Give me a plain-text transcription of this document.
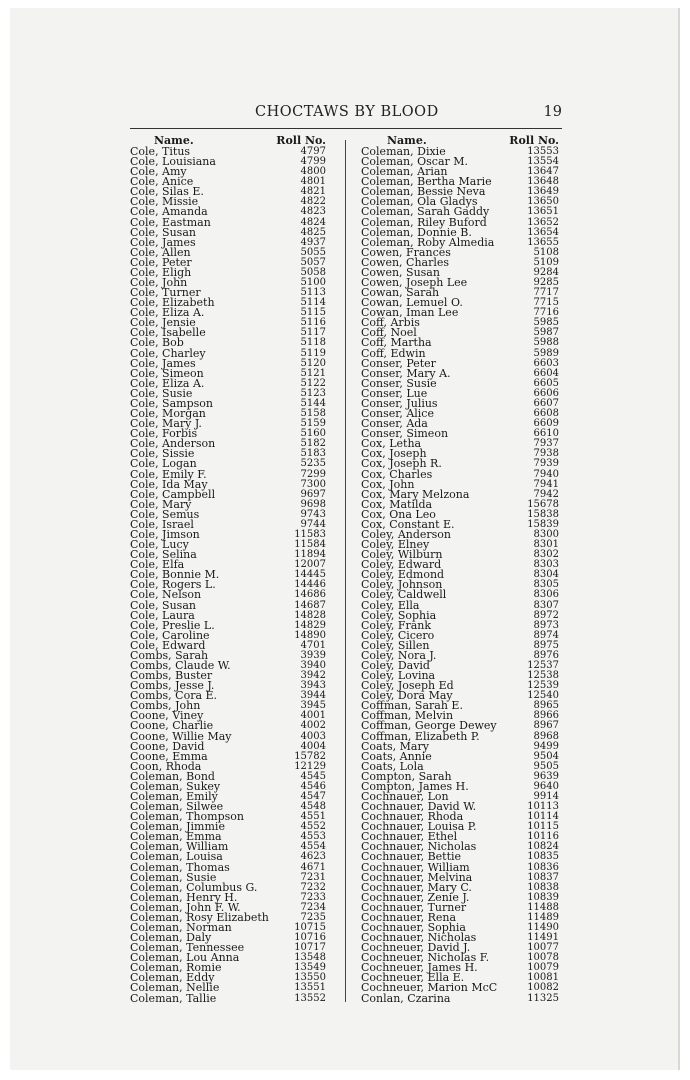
CHOCTAWS BY BLOOD	19
Name.	Roll No.
Cole, Titus	4797
Cole, Louisiana	4799
Cole, Amy	4800
Cole, Anice	4801
Cole, Silas E.	4821
Cole, Missie	4822
Cole, Amanda	4823
Cole, Eastman	4824
Cole, Susan	4825
Cole, James	4937
Cole, Allen	5055
Cole, Peter	5057
Cole, Eligh	5058
Cole, John	5100
Cole, Turner	5113
Cole, Elizabeth	5114
Cole, Eliza A.	5115
Cole, Jensie	5116
Cole, Isabelle	5117
Cole, Bob	5118
Cole, Charley	5119
Cole, James	5120
Cole, Simeon	5121
Cole, Eliza A.	5122
Cole, Susie	5123
Cole, Sampson	5144
Cole, Morgan	5158
Cole, Mary J.	5159
Cole, Forbis	5160
Cole, Anderson	5182
Cole, Sissie	5183
Cole, Logan	5235
Cole, Emily F.	7299
Cole, Ida May	7300
Cole, Campbell	9697
Cole, Mary	9698
Cole, Semus	9743
Cole, Israel	9744
Cole, Jimson	11583
Cole, Lucy	11584
Cole, Selina	11894
Cole, Elfa	12007
Cole, Bonnie M.	14445
Cole, Rogers L.	14446
Cole, Nelson	14686
Cole, Susan	14687
Cole, Laura	14828
Cole, Preslie L.	14829
Cole, Caroline	14890
Cole, Edward	4701
Combs, Sarah	3939
Combs, Claude W.	3940
Combs, Buster	3942
Combs, Jesse J.	3943
Combs, Cora E.	3944
Combs, John	3945
Coone, Viney	4001
Coone, Charlie	4002
Coone, Willie May	4003
Coone, David	4004
Coone, Emma	15782
Coon, Rhoda	12129
Coleman, Bond	4545
Coleman, Sukey	4546
Coleman, Emily	4547
Coleman, Silwee	4548
Coleman, Thompson	4551
Coleman, Jimmie	4552
Coleman, Emma	4553
Coleman, William	4554
Coleman, Louisa	4623
Coleman, Thomas	4671
Coleman, Susie	7231
Coleman, Columbus G.	7232
Coleman, Henry H.	7233
Coleman, John F. W.	7234
Coleman, Rosy Elizabeth	7235
Coleman, Norman	10715
Coleman, Daly	10716
Coleman, Tennessee	10717
Coleman, Lou Anna	13548
Coleman, Romie	13549
Coleman, Eddy	13550
Coleman, Nellie	13551
Coleman, Tallie	13552
Name.	Roll No.
Coleman, Dixie	13553
Coleman, Oscar M.	13554
Coleman, Arian	13647
Coleman, Bertha Marie	13648
Coleman, Bessie Neva	13649
Coleman, Ola Gladys	13650
Coleman, Sarah Gaddy	13651
Coleman, Riley Buford	13652
Coleman, Donnie B.	13654
Coleman, Roby Almedia	13655
Cowen, Frances	5108
Cowen, Charles	5109
Cowen, Susan	9284
Cowen, Joseph Lee	9285
Cowan, Sarah	7717
Cowan, Lemuel O.	7715
Cowan, Iman Lee	7716
Coff, Arbis	5985
Coff, Noel	5987
Coff, Martha	5988
Coff, Edwin	5989
Conser, Peter	6603
Conser, Mary A.	6604
Conser, Susie	6605
Conser, Lue	6606
Conser, Julius	6607
Conser, Alice	6608
Conser, Ada	6609
Conser, Simeon	6610
Cox, Letha	7937
Cox, Joseph	7938
Cox, Joseph R.	7939
Cox, Charles	7940
Cox, John	7941
Cox, Mary Melzona	7942
Cox, Matilda	15678
Cox, Ona Leo	15838
Cox, Constant E.	15839
Coley, Anderson	8300
Coley, Elney	8301
Coley, Wilburn	8302
Coley, Edward	8303
Coley, Edmond	8304
Coley, Johnson	8305
Coley, Caldwell	8306
Coley, Ella	8307
Coley, Sophia	8972
Coley, Frank	8973
Coley, Cicero	8974
Coley, Sillen	8975
Coley, Nora J.	8976
Coley, David	12537
Coley, Lovina	12538
Coley, Joseph Ed	12539
Coley, Dora May	12540
Coffman, Sarah E.	8965
Coffman, Melvin	8966
Coffman, George Dewey	8967
Coffman, Elizabeth P.	8968
Coats, Mary	9499
Coats, Annie	9504
Coats, Lola	9505
Compton, Sarah	9639
Compton, James H.	9640
Cochnauer, Lon	9914
Cochnauer, David W.	10113
Cochnauer, Rhoda	10114
Cochnauer, Louisa P.	10115
Cochnauer, Ethel	10116
Cochnauer, Nicholas	10824
Cochnauer, Bettie	10835
Cochnauer, William	10836
Cochnauer, Melvina	10837
Cochnauer, Mary C.	10838
Cochnauer, Zenie J.	10839
Cochnauer, Turner	11488
Cochnauer, Rena	11489
Cochnauer, Sophia	11490
Cochnauer, Nicholas	11491
Cochneuer, David J.	10077
Cochneuer, Nicholas F.	10078
Cochneuer, James H.	10079
Cochneuer, Ella E.	10081
Cochneuer, Marion McC	10082
Conlan, Czarina	11325
